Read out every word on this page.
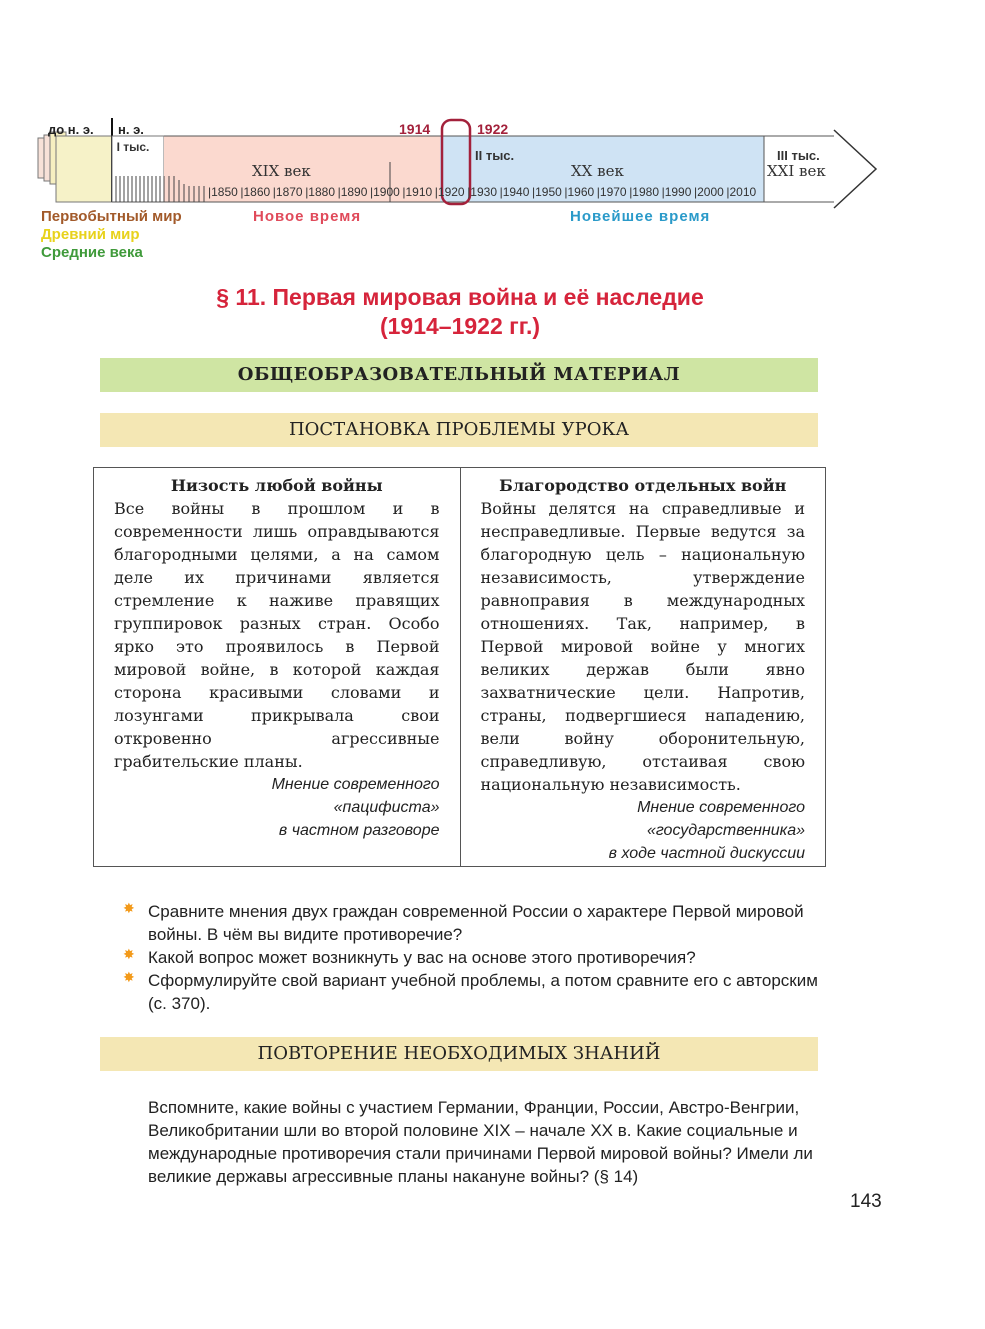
до н. э. н. э.	1914	1922
I тыс.
II тыс.	III тыс.
XIX век	XX век	XXI век
|1850 |1860 |1870 |1880 |1890 |1900 |1910 |1920 |1930 |1940 |1950 |1960 |1970 |1980 |1990 |2000 |2010
Первобытный мир
Древний мир
Средние века
Новое время	Новейшее время
§ 11. Первая мировая война и её наследие
(1914–1922 гг.)
ОБЩЕОБРАЗОВАТЕЛЬНЫЙ МАТЕРИАЛ
ПОСТАНОВКА ПРОБЛЕМЫ УРОКА
Низость любой войны

Все войны в прошлом и в современности лишь оправдываются благородными целями, а на самом деле их причинами является стремление к наживе правящих группировок разных стран. Особо ярко это проявилось в Первой мировой войне, в которой каждая сторона красивыми словами и лозунгами прикрывала свои откровенно агрессивные грабительские планы.

Мнение современного
«пацифиста»
в частном разговоре
Благородство отдельных войн

Войны делятся на справедливые и несправедливые. Первые ведутся за благородную цель – национальную независимость, утверждение равноправия в международных отношениях. Так, например, в Первой мировой войне у многих великих держав были явно захватнические цели. Напротив, страны, подвергшиеся нападению, вели войну оборонительную, справедливую, отстаивая свою национальную независимость.

Мнение современного
«государственника»
в ходе частной дискуссии
✸ Сравните мнения двух граждан современной России о характере Первой мировой войны. В чём вы видите противоречие?
✸ Какой вопрос может возникнуть у вас на основе этого противоречия?
✸ Сформулируйте свой вариант учебной проблемы, а потом сравните его с авторским (с. 370).
ПОВТОРЕНИЕ НЕОБХОДИМЫХ ЗНАНИЙ

Вспомните, какие войны с участием Германии, Франции, России, Австро-Венгрии, Великобритании шли во второй половине XIX – начале XX в. Какие социальные и международные противоречия стали причинами Первой мировой войны? Имели ли великие державы агрессивные планы накануне войны? (§ 14)

143
